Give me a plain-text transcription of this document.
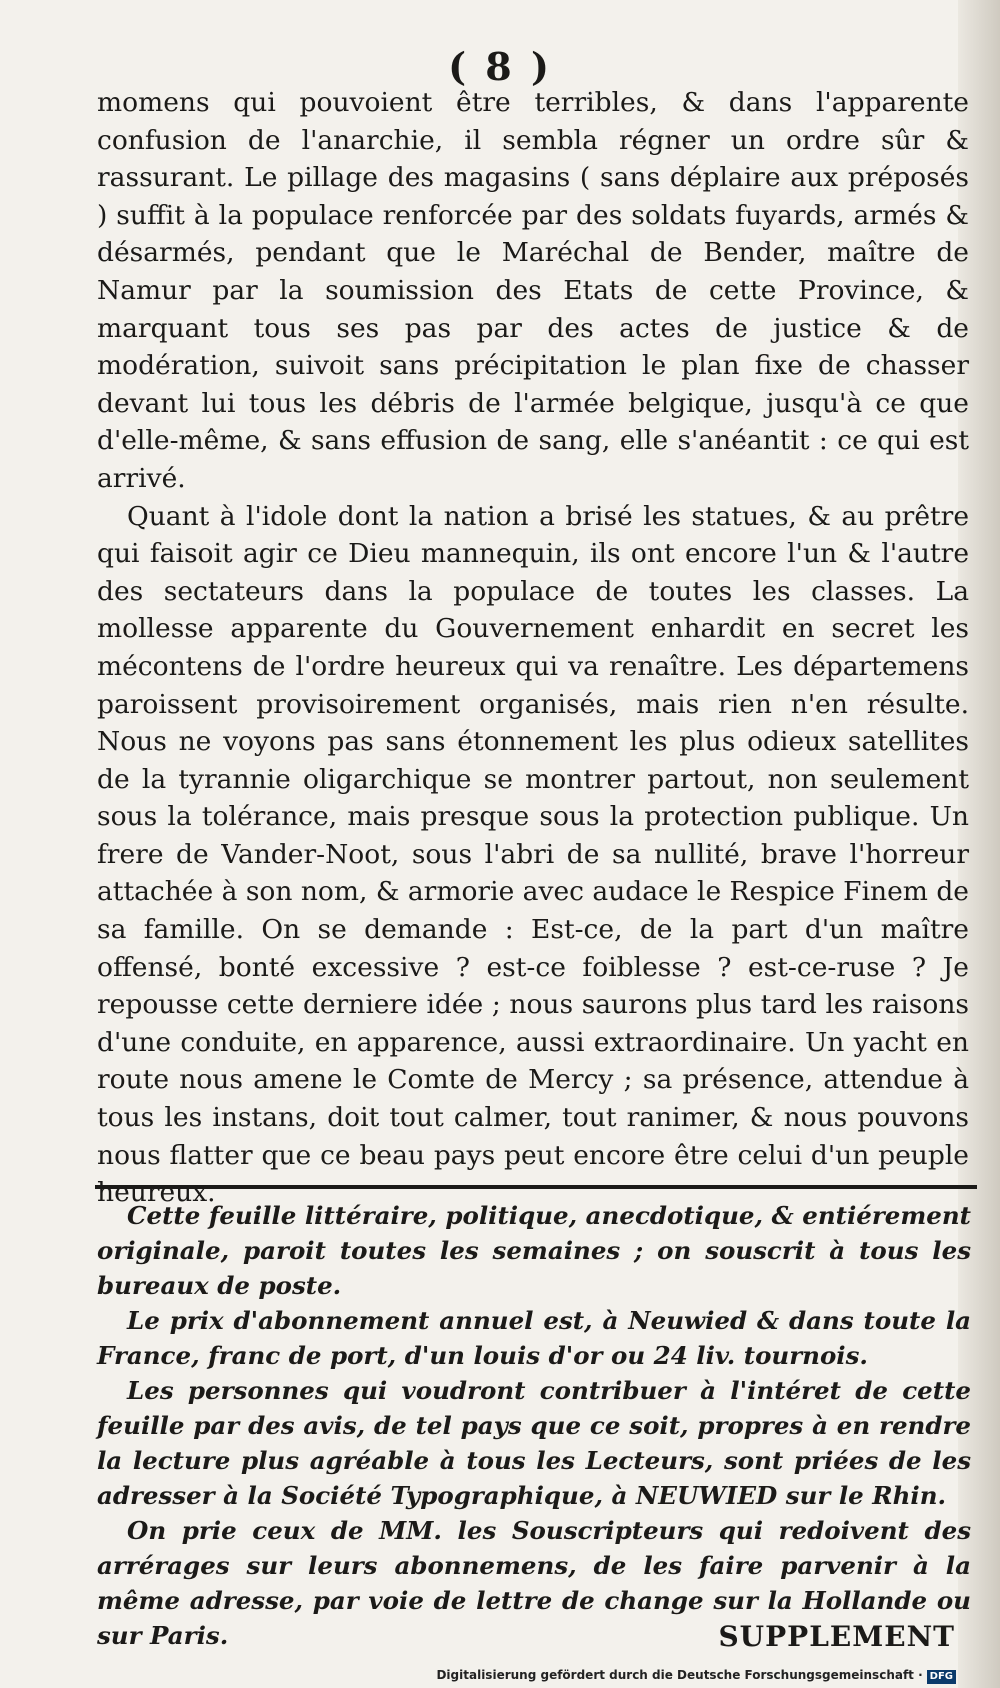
( 8 )

momens qui pouvoient être terribles, & dans l'apparente confusion de l'anarchie, il sembla régner un ordre sûr & rassurant. Le pillage des magasins ( sans déplaire aux préposés ) suffit à la populace renforcée par des soldats fuyards, armés & désarmés, pendant que le Maréchal de Bender, maître de Namur par la soumission des Etats de cette Province, & marquant tous ses pas par des actes de justice & de modération, suivoit sans précipitation le plan fixe de chasser devant lui tous les débris de l'armée belgique, jusqu'à ce que d'elle-même, & sans effusion de sang, elle s'anéantit : ce qui est arrivé.

Quant à l'idole dont la nation a brisé les statues, & au prêtre qui faisoit agir ce Dieu mannequin, ils ont encore l'un & l'autre des sectateurs dans la populace de toutes les classes. La mollesse apparente du Gouvernement enhardit en secret les mécontens de l'ordre heureux qui va renaître. Les départemens paroissent provisoirement organisés, mais rien n'en résulte. Nous ne voyons pas sans étonnement les plus odieux satellites de la tyrannie oligarchique se montrer partout, non seulement sous la tolérance, mais presque sous la protection publique. Un frere de Vander-Noot, sous l'abri de sa nullité, brave l'horreur attachée à son nom, & armorie avec audace le Respice Finem de sa famille. On se demande : Est-ce, de la part d'un maître offensé, bonté excessive ? est-ce foiblesse ? est-ce-ruse ? Je repousse cette derniere idée ; nous saurons plus tard les raisons d'une conduite, en apparence, aussi extraordinaire. Un yacht en route nous amene le Comte de Mercy ; sa présence, attendue à tous les instans, doit tout calmer, tout ranimer, & nous pouvons nous flatter que ce beau pays peut encore être celui d'un peuple heureux.

Cette feuille littéraire, politique, anecdotique, & entiérement originale, paroit toutes les semaines ; on souscrit à tous les bureaux de poste.

Le prix d'abonnement annuel est, à Neuwied & dans toute la France, franc de port, d'un louis d'or ou 24 liv. tournois.

Les personnes qui voudront contribuer à l'intéret de cette feuille par des avis, de tel pays que ce soit, propres à en rendre la lecture plus agréable à tous les Lecteurs, sont priées de les adresser à la Société Typographique, à NEUWIED sur le Rhin.

On prie ceux de MM. les Souscripteurs qui redoivent des arrérages sur leurs abonnemens, de les faire parvenir à la même adresse, par voie de lettre de change sur la Hollande ou sur Paris.	SUPPLEMENT
Digitalisierung gefördert durch die Deutsche Forschungsgemeinschaft · DFG
